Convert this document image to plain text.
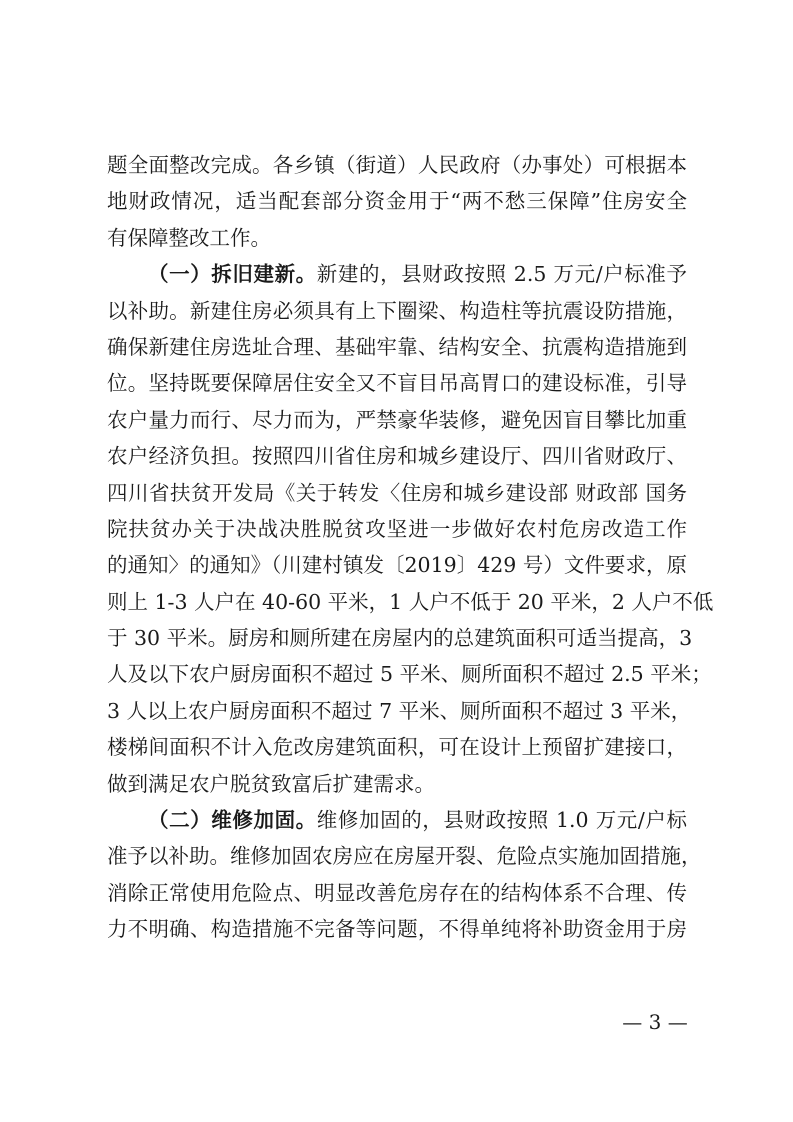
题全面整改完成。各乡镇（街道）人民政府（办事处）可根据本
地财政情况，适当配套部分资金用于“两不愁三保障”住房安全
有保障整改工作。
（一）拆旧建新。新建的，县财政按照 2.5 万元/户标准予
以补助。新建住房必须具有上下圈梁、构造柱等抗震设防措施，
确保新建住房选址合理、基础牢靠、结构安全、抗震构造措施到
位。坚持既要保障居住安全又不盲目吊高胃口的建设标准，引导
农户量力而行、尽力而为，严禁豪华装修，避免因盲目攀比加重
农户经济负担。按照四川省住房和城乡建设厅、四川省财政厅、
四川省扶贫开发局《关于转发〈住房和城乡建设部 财政部 国务
院扶贫办关于决战决胜脱贫攻坚进一步做好农村危房改造工作
的通知〉的通知》（川建村镇发〔2019〕429 号）文件要求，原
则上 1-3 人户在 40-60 平米，1 人户不低于 20 平米，2 人户不低
于 30 平米。厨房和厕所建在房屋内的总建筑面积可适当提高，3
人及以下农户厨房面积不超过 5 平米、厕所面积不超过 2.5 平米；
3 人以上农户厨房面积不超过 7 平米、厕所面积不超过 3 平米，
楼梯间面积不计入危改房建筑面积，可在设计上预留扩建接口，
做到满足农户脱贫致富后扩建需求。
（二）维修加固。维修加固的，县财政按照 1.0 万元/户标
准予以补助。维修加固农房应在房屋开裂、危险点实施加固措施，
消除正常使用危险点、明显改善危房存在的结构体系不合理、传
力不明确、构造措施不完备等问题，不得单纯将补助资金用于房
— 3 —
